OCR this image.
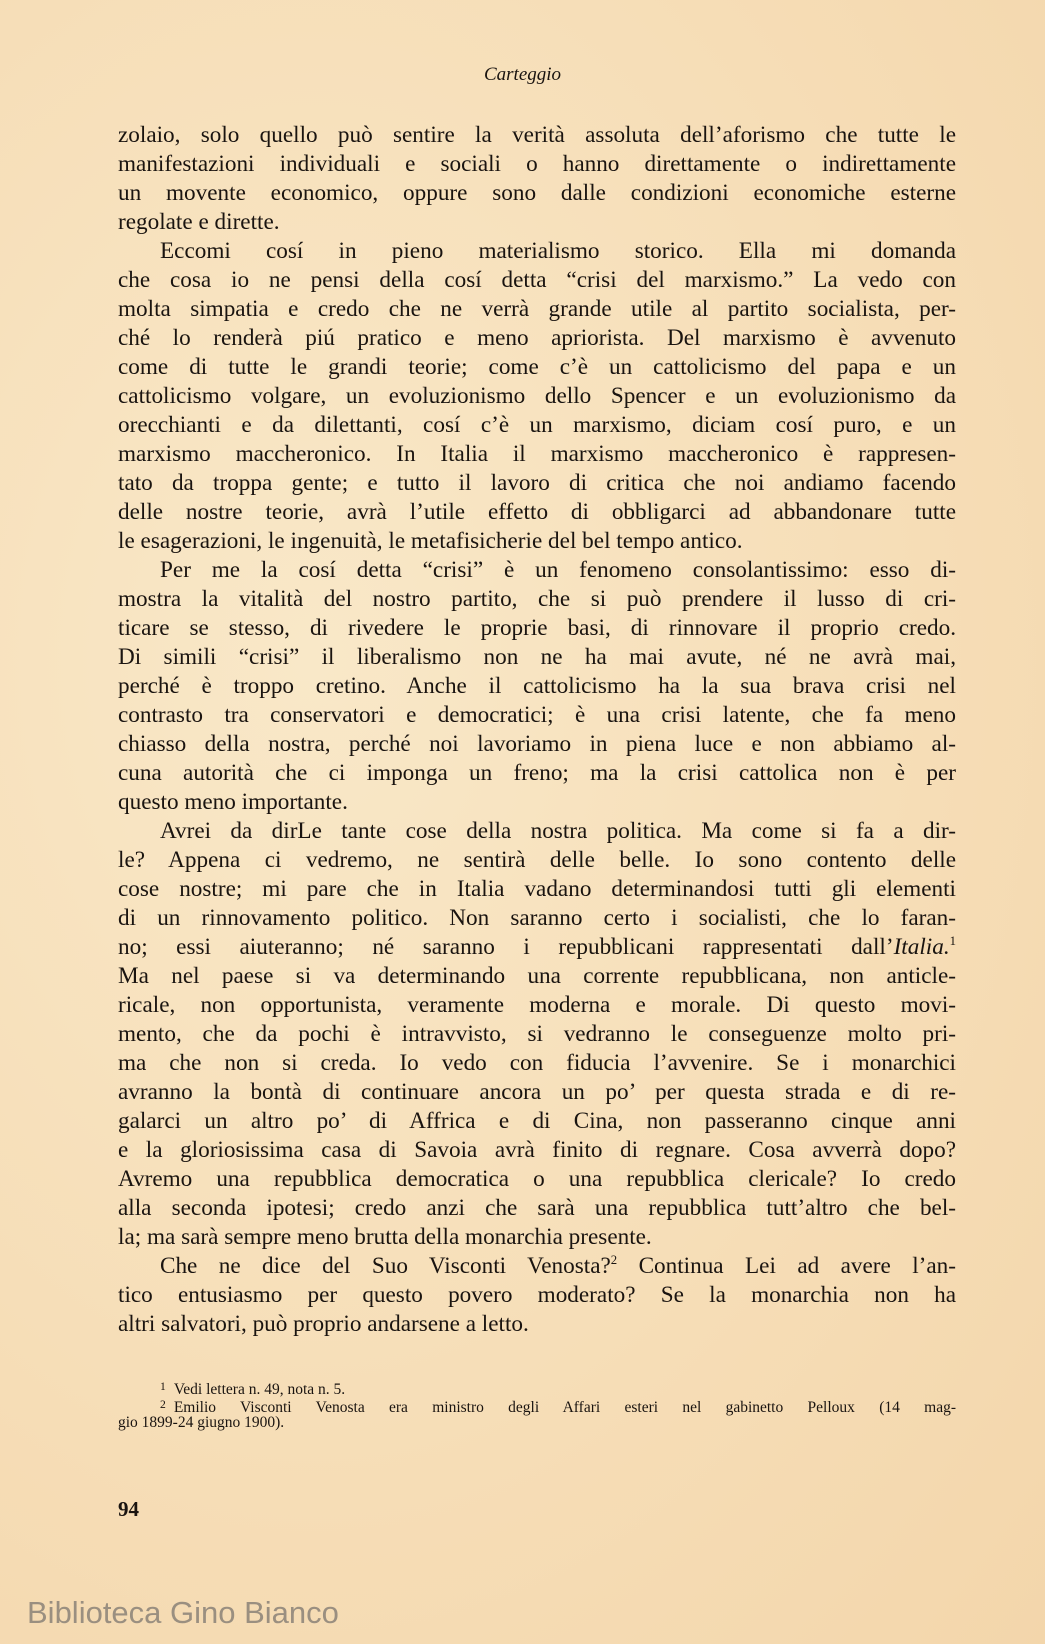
Carteggio
zolaio, solo quello può sentire la verità assoluta dell’aforismo che tutte le
manifestazioni individuali e sociali o hanno direttamente o indirettamente
un movente economico, oppure sono dalle condizioni economiche esterne
regolate e dirette.
Eccomi cosí in pieno materialismo storico. Ella mi domanda
che cosa io ne pensi della cosí detta “crisi del marxismo.” La vedo con
molta simpatia e credo che ne verrà grande utile al partito socialista, per-
ché lo renderà piú pratico e meno apriorista. Del marxismo è avvenuto
come di tutte le grandi teorie; come c’è un cattolicismo del papa e un
cattolicismo volgare, un evoluzionismo dello Spencer e un evoluzionismo da
orecchianti e da dilettanti, cosí c’è un marxismo, diciam cosí puro, e un
marxismo maccheronico. In Italia il marxismo maccheronico è rappresen-
tato da troppa gente; e tutto il lavoro di critica che noi andiamo facendo
delle nostre teorie, avrà l’utile effetto di obbligarci ad abbandonare tutte
le esagerazioni, le ingenuità, le metafisicherie del bel tempo antico.
Per me la cosí detta “crisi” è un fenomeno consolantissimo: esso di-
mostra la vitalità del nostro partito, che si può prendere il lusso di cri-
ticare se stesso, di rivedere le proprie basi, di rinnovare il proprio credo.
Di simili “crisi” il liberalismo non ne ha mai avute, né ne avrà mai,
perché è troppo cretino. Anche il cattolicismo ha la sua brava crisi nel
contrasto tra conservatori e democratici; è una crisi latente, che fa meno
chiasso della nostra, perché noi lavoriamo in piena luce e non abbiamo al-
cuna autorità che ci imponga un freno; ma la crisi cattolica non è per
questo meno importante.
Avrei da dirLe tante cose della nostra politica. Ma come si fa a dir-
le? Appena ci vedremo, ne sentirà delle belle. Io sono contento delle
cose nostre; mi pare che in Italia vadano determinandosi tutti gli elementi
di un rinnovamento politico. Non saranno certo i socialisti, che lo faran-
no; essi aiuteranno; né saranno i repubblicani rappresentati dall’Italia.$^1$
Ma nel paese si va determinando una corrente repubblicana, non anticle-
ricale, non opportunista, veramente moderna e morale. Di questo movi-
mento, che da pochi è intravvisto, si vedranno le conseguenze molto pri-
ma che non si creda. Io vedo con fiducia l’avvenire. Se i monarchici
avranno la bontà di continuare ancora un po’ per questa strada e di re-
galarci un altro po’ di Affrica e di Cina, non passeranno cinque anni
e la gloriosissima casa di Savoia avrà finito di regnare. Cosa avverrà dopo?
Avremo una repubblica democratica o una repubblica clericale? Io credo
alla seconda ipotesi; credo anzi che sarà una repubblica tutt’altro che bel-
la; ma sarà sempre meno brutta della monarchia presente.
Che ne dice del Suo Visconti Venosta?$^2$ Continua Lei ad avere l’an-
tico entusiasmo per questo povero moderato? Se la monarchia non ha
altri salvatori, può proprio andarsene a letto.
$^1$ Vedi lettera n. 49, nota n. 5.
$^2$ Emilio Visconti Venosta era ministro degli Affari esteri nel gabinetto Pelloux (14 mag-
gio 1899-24 giugno 1900).
94
Biblioteca Gino Bianco
